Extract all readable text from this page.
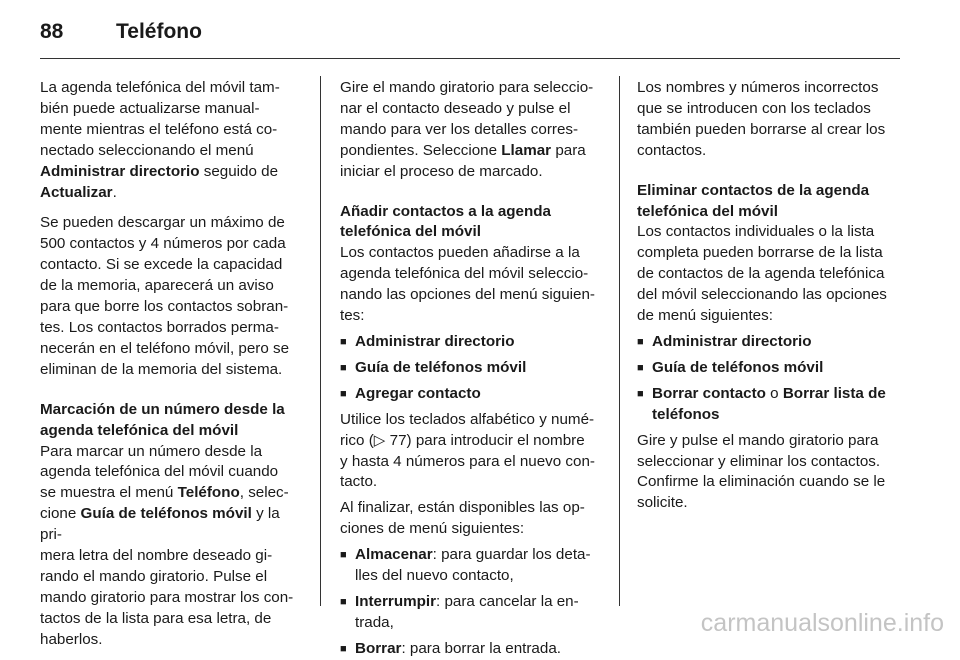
88	Teléfono

La agenda telefónica del móvil tam-
bién puede actualizarse manual-
mente mientras el teléfono está co-
nectado seleccionando el menú
Administrar directorio seguido de
Actualizar.

Se pueden descargar un máximo de
500 contactos y 4 números por cada
contacto. Si se excede la capacidad
de la memoria, aparecerá un aviso
para que borre los contactos sobran-
tes. Los contactos borrados perma-
necerán en el teléfono móvil, pero se
eliminan de la memoria del sistema.

Marcación de un número desde la
agenda telefónica del móvil

Para marcar un número desde la
agenda telefónica del móvil cuando
se muestra el menú Teléfono, selec-
cione Guía de teléfonos móvil y la pri-
mera letra del nombre deseado gi-
rando el mando giratorio. Pulse el
mando giratorio para mostrar los con-
tactos de la lista para esa letra, de
haberlos.

Gire el mando giratorio para seleccio-
nar el contacto deseado y pulse el
mando para ver los detalles corres-
pondientes. Seleccione Llamar para
iniciar el proceso de marcado.

Añadir contactos a la agenda
telefónica del móvil

Los contactos pueden añadirse a la
agenda telefónica del móvil seleccio-
nando las opciones del menú siguien-
tes:

■ Administrar directorio
■ Guía de teléfonos móvil
■ Agregar contacto

Utilice los teclados alfabético y numé-
rico (▷ 77) para introducir el nombre
y hasta 4 números para el nuevo con-
tacto.

Al finalizar, están disponibles las op-
ciones de menú siguientes:

■ Almacenar: para guardar los deta-
lles del nuevo contacto,
■ Interrumpir: para cancelar la en-
trada,
■ Borrar: para borrar la entrada.

Los nombres y números incorrectos
que se introducen con los teclados
también pueden borrarse al crear los
contactos.

Eliminar contactos de la agenda
telefónica del móvil

Los contactos individuales o la lista
completa pueden borrarse de la lista
de contactos de la agenda telefónica
del móvil seleccionando las opciones
de menú siguientes:

■ Administrar directorio
■ Guía de teléfonos móvil
■ Borrar contacto o Borrar lista de
teléfonos

Gire y pulse el mando giratorio para
seleccionar y eliminar los contactos.
Confirme la eliminación cuando se le
solicite.

carmanualsonline.info
